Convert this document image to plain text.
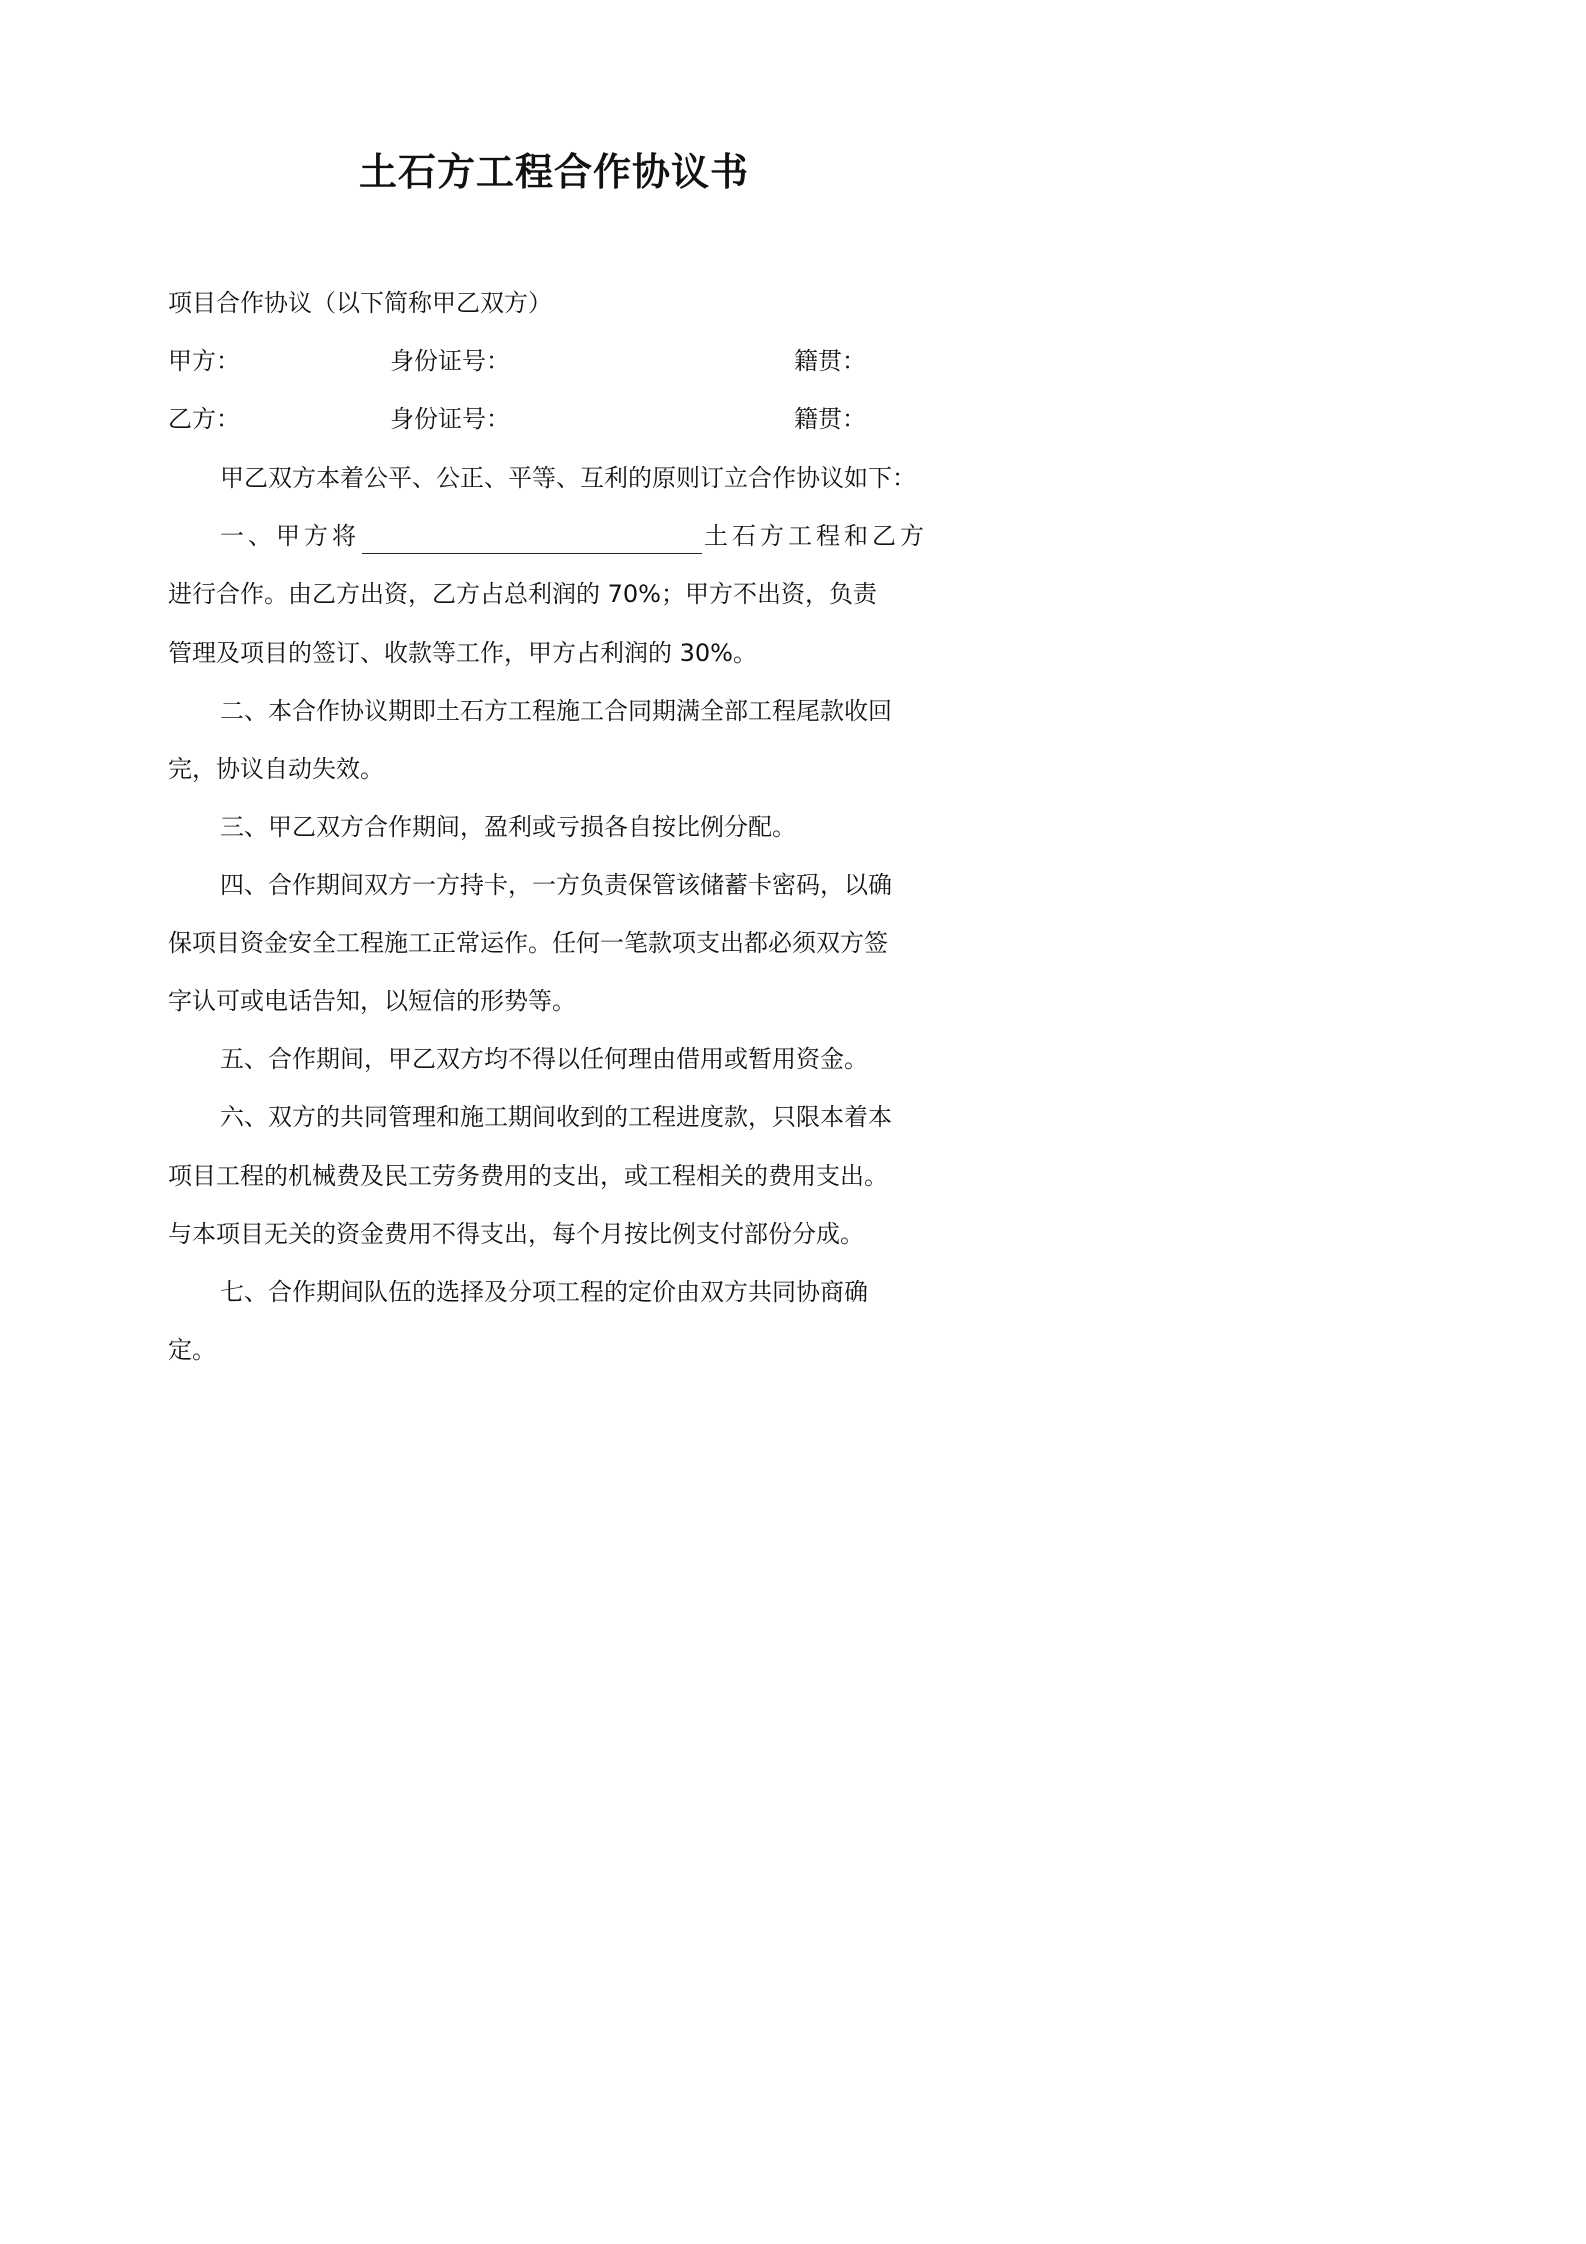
土石方工程合作协议书
项目合作协议（以下简称甲乙双方）
甲方：	身份证号：	籍贯：
乙方：	身份证号：	籍贯：
甲乙双方本着公平、公正、平等、互利的原则订立合作协议如下：
一、甲方将	土石方工程和乙方
进行合作。由乙方出资，乙方占总利润的 70%；甲方不出资，负责
管理及项目的签订、收款等工作，甲方占利润的 30%。
二、本合作协议期即土石方工程施工合同期满全部工程尾款收回
完，协议自动失效。
三、甲乙双方合作期间，盈利或亏损各自按比例分配。
四、合作期间双方一方持卡，一方负责保管该储蓄卡密码，以确
保项目资金安全工程施工正常运作。任何一笔款项支出都必须双方签
字认可或电话告知，以短信的形势等。
五、合作期间，甲乙双方均不得以任何理由借用或暂用资金。
六、双方的共同管理和施工期间收到的工程进度款，只限本着本
项目工程的机械费及民工劳务费用的支出，或工程相关的费用支出。
与本项目无关的资金费用不得支出，每个月按比例支付部份分成。
七、合作期间队伍的选择及分项工程的定价由双方共同协商确
定。
